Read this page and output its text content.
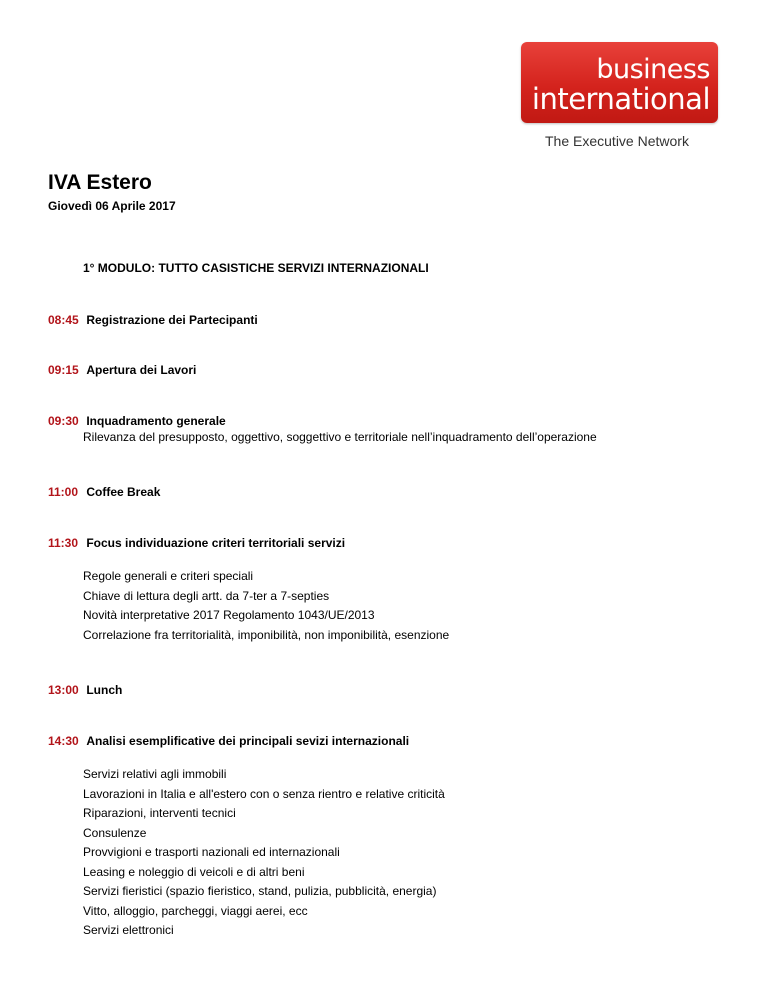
business
international
The Executive Network
IVA Estero
Giovedì 06 Aprile 2017
1° MODULO: TUTTO CASISTICHE SERVIZI INTERNAZIONALI
08:45 Registrazione dei Partecipanti
09:15 Apertura dei Lavori
09:30 Inquadramento generale
Rilevanza del presupposto, oggettivo, soggettivo e territoriale nell’inquadramento dell’operazione
11:00 Coffee Break
11:30 Focus individuazione criteri territoriali servizi
Regole generali e criteri speciali
Chiave di lettura degli artt. da 7-ter a 7-septies
Novità interpretative 2017 Regolamento 1043/UE/2013
Correlazione fra territorialità, imponibilità, non imponibilità, esenzione
13:00 Lunch
14:30 Analisi esemplificative dei principali sevizi internazionali
Servizi relativi agli immobili
Lavorazioni in Italia e all'estero con o senza rientro e relative criticità
Riparazioni, interventi tecnici
Consulenze
Provvigioni e trasporti nazionali ed internazionali
Leasing e noleggio di veicoli e di altri beni
Servizi fieristici (spazio fieristico, stand, pulizia, pubblicità, energia)
Vitto, alloggio, parcheggi, viaggi aerei, ecc
Servizi elettronici
